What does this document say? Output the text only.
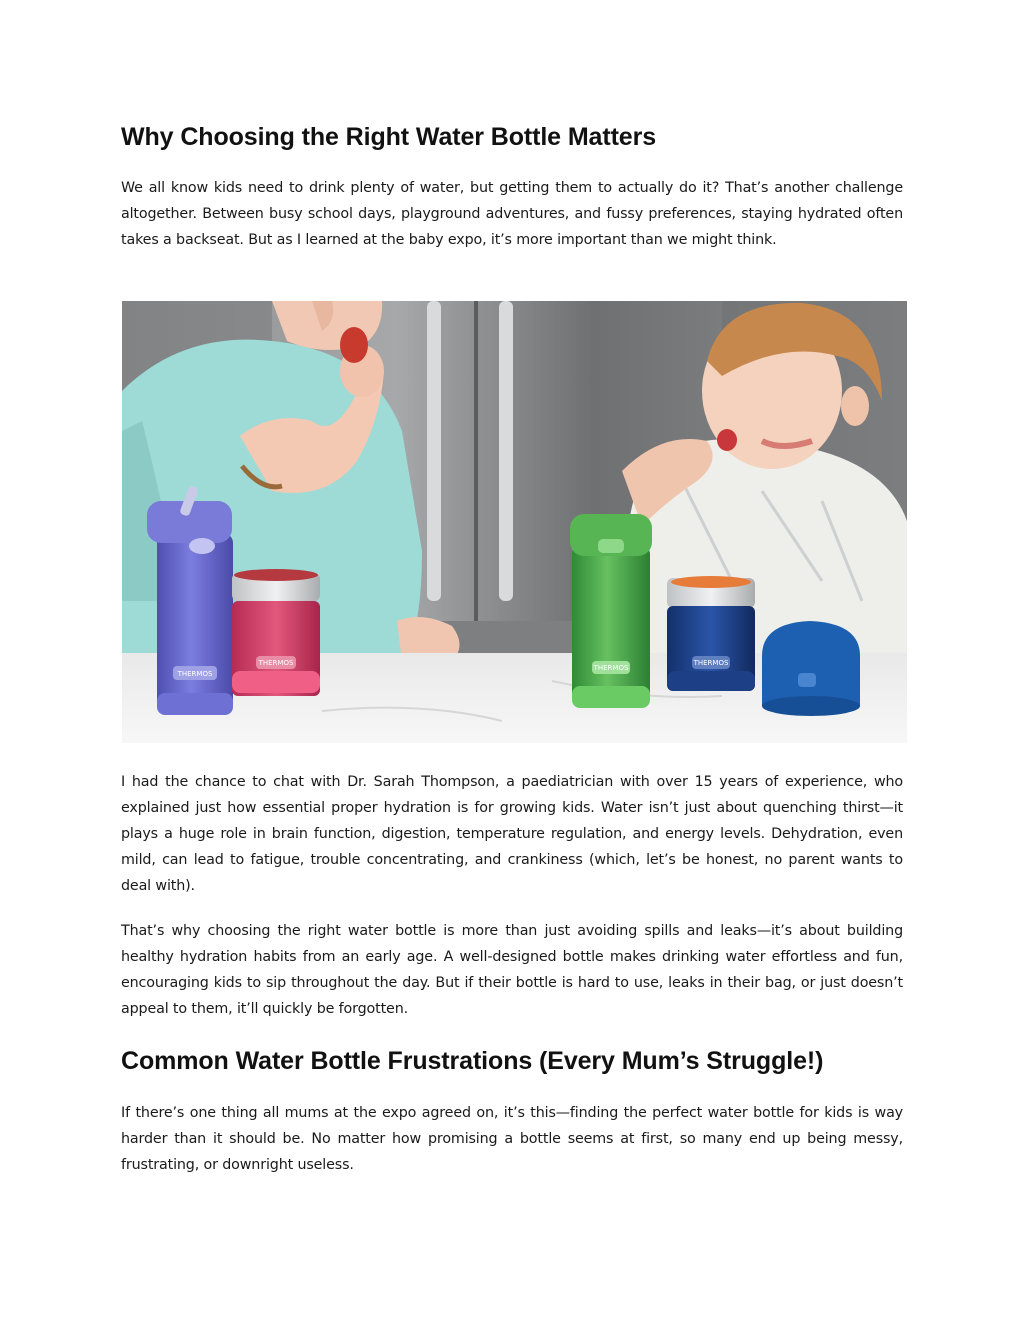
Why Choosing the Right Water Bottle Matters

We all know kids need to drink plenty of water, but getting them to actually do it? That’s another challenge altogether. Between busy school days, playground adventures, and fussy preferences, staying hydrated often takes a backseat. But as I learned at the baby expo, it’s more important than we might think.

THERMOS
THERMOS
THERMOS
THERMOS

I had the chance to chat with Dr. Sarah Thompson, a paediatrician with over 15 years of experience, who explained just how essential proper hydration is for growing kids. Water isn’t just about quenching thirst—it plays a huge role in brain function, digestion, temperature regulation, and energy levels. Dehydration, even mild, can lead to fatigue, trouble concentrating, and crankiness (which, let’s be honest, no parent wants to deal with).

That’s why choosing the right water bottle is more than just avoiding spills and leaks—it’s about building healthy hydration habits from an early age. A well-designed bottle makes drinking water effortless and fun, encouraging kids to sip throughout the day. But if their bottle is hard to use, leaks in their bag, or just doesn’t appeal to them, it’ll quickly be forgotten.

Common Water Bottle Frustrations (Every Mum’s Struggle!)

If there’s one thing all mums at the expo agreed on, it’s this—finding the perfect water bottle for kids is way harder than it should be. No matter how promising a bottle seems at first, so many end up being messy, frustrating, or downright useless.
